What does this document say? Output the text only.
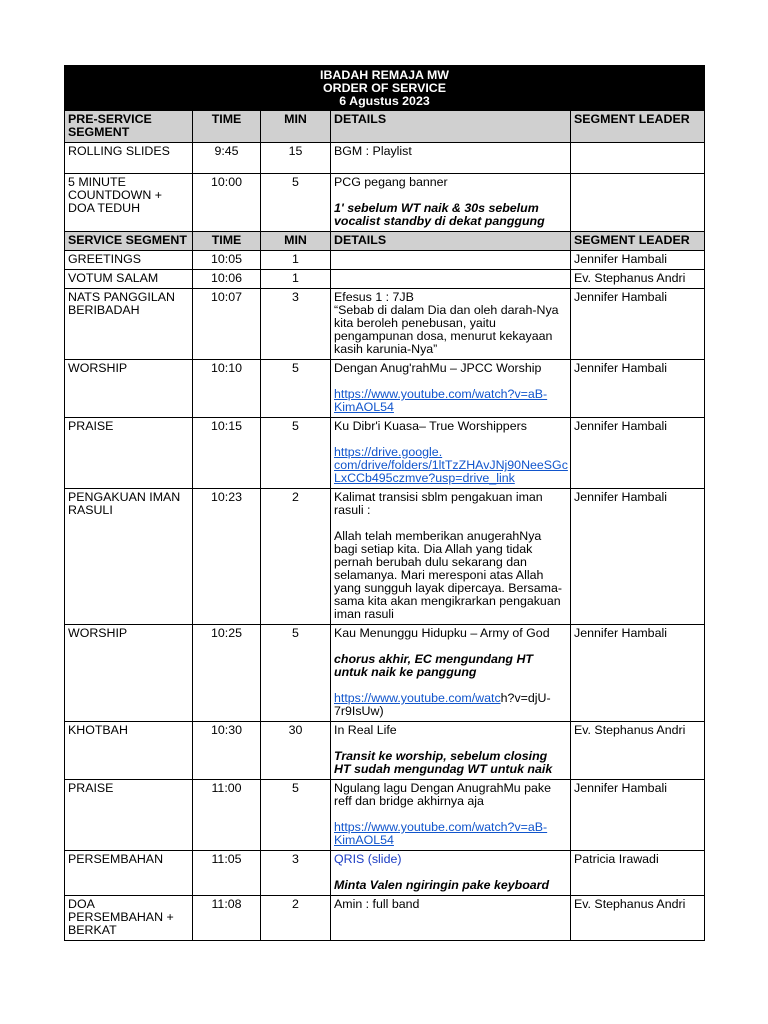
IBADAH REMAJA MW
ORDER OF SERVICE
6 Agustus 2023				

PRE-SERVICE SEGMENT	TIME	MIN	DETAILS	SEGMENT LEADER
ROLLING SLIDES	9:45	15	BGM : Playlist	

5 MINUTE COUNTDOWN + DOA TEDUH	10:00	5	PCG pegang banner
1' sebelum WT naik & 30s sebelum vocalist standby di dekat panggung	

SERVICE SEGMENT	TIME	MIN	DETAILS	SEGMENT LEADER
GREETINGS	10:05	1		Jennifer Hambali
VOTUM SALAM	10:06	1		Ev. Stephanus Andri
NATS PANGGILAN BERIBADAH	10:07	3	Efesus 1 : 7JB
“Sebab di dalam Dia dan oleh darah-Nya kita beroleh penebusan, yaitu pengampunan dosa, menurut kekayaan kasih karunia-Nya”	Jennifer Hambali
WORSHIP	10:10	5	Dengan Anug'rahMu – JPCC Worship
https://www.youtube.com/watch?v=aB-KimAOL54	Jennifer Hambali
PRAISE	10:15	5	Ku Dibr'i Kuasa– True Worshippers
https://drive.google. com/drive/folders/1ltTzZHAvJNj90NeeSGc LxCCb495czmve?usp=drive_link	Jennifer Hambali
PENGAKUAN IMAN RASULI	10:23	2	Kalimat transisi sblm pengakuan iman rasuli :
Allah telah memberikan anugerahNya bagi setiap kita. Dia Allah yang tidak pernah berubah dulu sekarang dan selamanya. Mari meresponi atas Allah yang sungguh layak dipercaya. Bersama-sama kita akan mengikrarkan pengakuan iman rasuli	Jennifer Hambali
WORSHIP	10:25	5	Kau Menunggu Hidupku – Army of God
chorus akhir, EC mengundang HT untuk naik ke panggung
https://www.youtube.com/watch?v=djU-7r9IsUw)	Jennifer Hambali
KHOTBAH	10:30	30	In Real Life
Transit ke worship, sebelum closing HT sudah mengundag WT untuk naik	Ev. Stephanus Andri
PRAISE	11:00	5	Ngulang lagu Dengan AnugrahMu pake reff dan bridge akhirnya aja
https://www.youtube.com/watch?v=aB-KimAOL54	Jennifer Hambali
PERSEMBAHAN	11:05	3	QRIS (slide)
Minta Valen ngiringin pake keyboard	Patricia Irawadi
DOA PERSEMBAHAN + BERKAT	11:08	2	Amin : full band	Ev. Stephanus Andri
